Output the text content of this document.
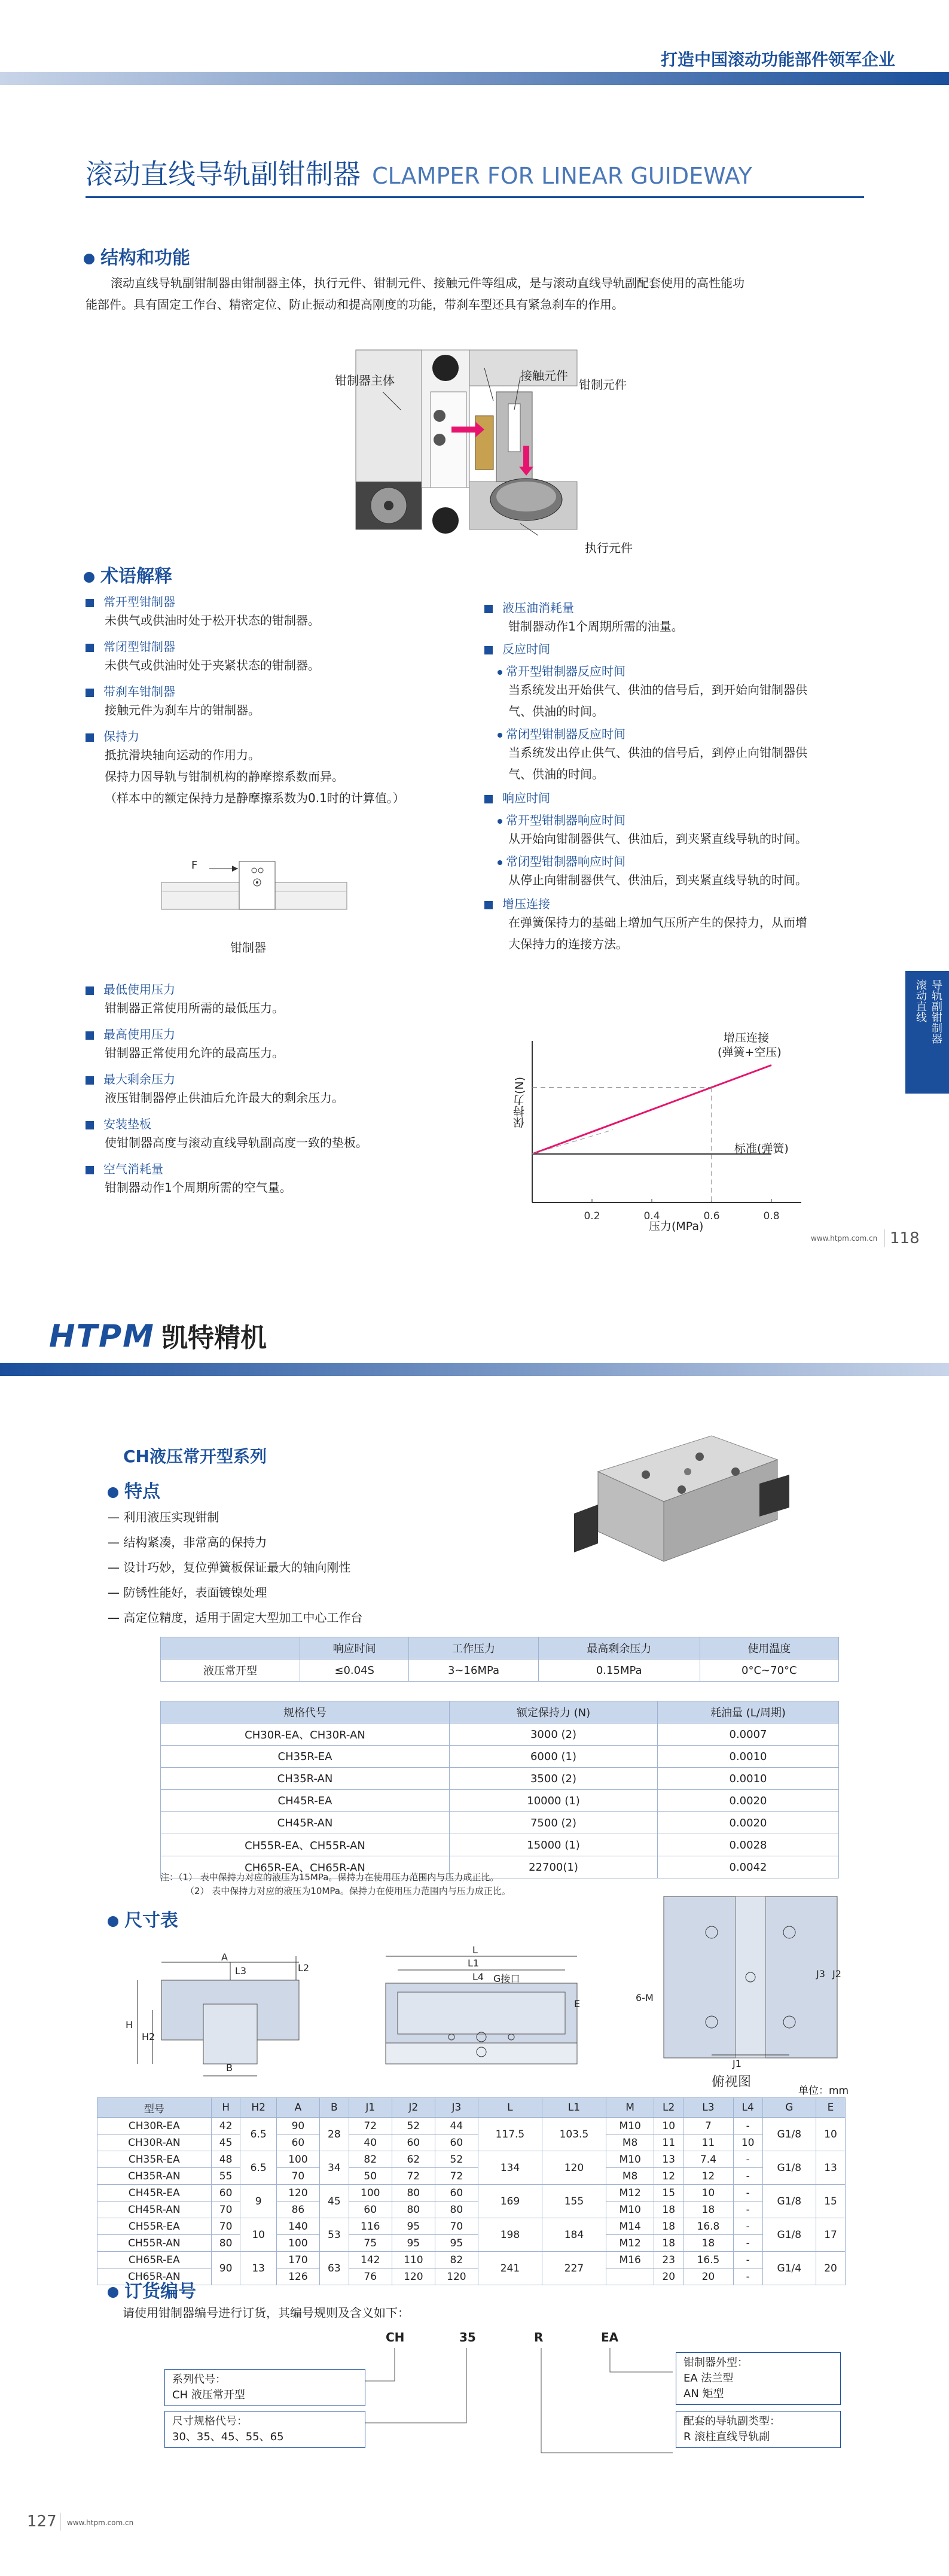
打造中国滚动功能部件领军企业
滚动直线导轨副钳制器 CLAMPER FOR LINEAR GUIDEWAY
结构和功能
滚动直线导轨副钳制器由钳制器主体，执行元件、钳制元件、接触元件等组成，是与滚动直线导轨副配套使用的高性能功
能部件。具有固定工作台、精密定位、防止振动和提高刚度的功能，带刹车型还具有紧急刹车的作用。
钳制器主体	接触元件
钳制元件
执行元件
术语解释
常开型钳制器
未供气或供油时处于松开状态的钳制器。
常闭型钳制器
未供气或供油时处于夹紧状态的钳制器。
带刹车钳制器
接触元件为刹车片的钳制器。
保持力
抵抗滑块轴向运动的作用力。
保持力因导轨与钳制机构的静摩擦系数而异。
（样本中的额定保持力是静摩擦系数为0.1时的计算值。）
F
钳制器
最低使用压力
钳制器正常使用所需的最低压力。
最高使用压力
钳制器正常使用允许的最高压力。
最大剩余压力
液压钳制器停止供油后允许最大的剩余压力。
安装垫板
使钳制器高度与滚动直线导轨副高度一致的垫板。
空气消耗量
钳制器动作1个周期所需的空气量。
液压油消耗量
钳制器动作1个周期所需的油量。
反应时间
常开型钳制器反应时间
当系统发出开始供气、供油的信号后，到开始向钳制器供
气、供油的时间。
常闭型钳制器反应时间
当系统发出停止供气、供油的信号后，到停止向钳制器供
气、供油的时间。
响应时间
常开型钳制器响应时间
从开始向钳制器供气、供油后，到夹紧直线导轨的时间。
常闭型钳制器响应时间
从停止向钳制器供气、供油后，到夹紧直线导轨的时间。
增压连接
在弹簧保持力的基础上增加气压所产生的保持力，从而增
大保持力的连接方法。
0.2	0.4	0.6	0.8
增压连接
(弹簧+空压)
标准(弹簧)
保持力(N)
压力(MPa)
滚动直线 导轨副钳制器
www.htpm.com.cn 118
HTPM 凯特精机
CH液压常开型系列
特点
— 利用液压实现钳制
— 结构紧凑，非常高的保持力
— 设计巧妙，复位弹簧板保证最大的轴向刚性
— 防锈性能好，表面镀镍处理
— 高定位精度，适用于固定大型加工中心工作台
	响应时间	工作压力	最高剩余压力	使用温度
液压常开型	≤0.04S	3~16MPa	0.15MPa	0°C~70°C
规格代号	额定保持力 (N)	耗油量 (L/周期)
CH30R-EA、CH30R-AN	3000 (2)	0.0007
CH35R-EA	6000 (1)	0.0010
CH35R-AN	3500 (2)	0.0010
CH45R-EA	10000 (1)	0.0020
CH45R-AN	7500 (2)	0.0020
CH55R-EA、CH55R-AN	15000 (1)	0.0028
CH65R-EA、CH65R-AN	22700(1)	0.0042
注：（1） 表中保持力对应的液压为15MPa。保持力在使用压力范围内与压力成正比。
（2） 表中保持力对应的液压为10MPa。保持力在使用压力范围内与压力成正比。
尺寸表
A
L3	L2
H
H2
B
L
L1
L4 G接口
E
6-M
J3 J2
J1
俯视图
单位：mm
型号	H	H2	A	B	J1	J2	J3	L	L1	M	L2	L3	L4	G	E
CH30R-EA	42	6.5	90	28	72	52	44	117.5	103.5	M10	10	7	-	G1/8	10
CH30R-AN	45		60		40	60	60			M8	11	11	10		
CH35R-EA	48	6.5	100	34	82	62	52	134	120	M10	13	7.4	-	G1/8	13
CH35R-AN	55		70		50	72	72			M8	12	12	-		
CH45R-EA	60	9	120	45	100	80	60	169	155	M12	15	10	-	G1/8	15
CH45R-AN	70		86		60	80	80			M10	18	18	-		
CH55R-EA	70	10	140	53	116	95	70	198	184	M14	18	16.8	-	G1/8	17
CH55R-AN	80		100		75	95	95			M12	18	18	-		
CH65R-EA	90	13	170	63	142	110	82	241	227	M16	23	16.5	-	G1/4	20
CH65R-AN			126		76	120	120				20	20	-		
订货编号
请使用钳制器编号进行订货，其编号规则及含义如下：
CH	35	R	EA
系列代号：
CH 液压常开型
尺寸规格代号：
30、35、45、55、65
钳制器外型：
EA 法兰型
AN 矩型
配套的导轨副类型：
R 滚柱直线导轨副
127 www.htpm.com.cn
